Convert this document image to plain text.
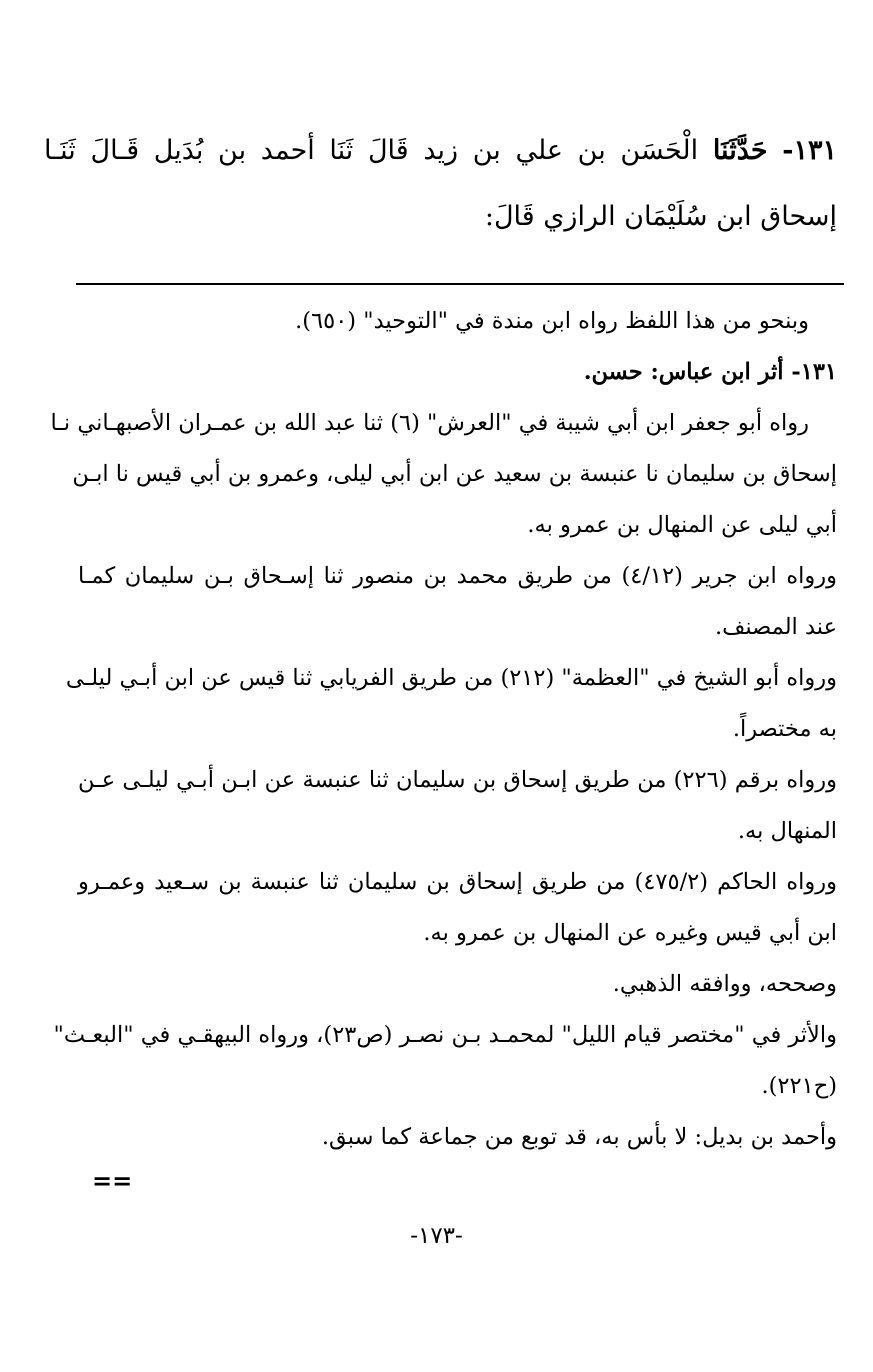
١٣١- حَدَّثَنَا الْحَسَن بن علي بن زيد قَالَ ثَنَا أحمد بن بُدَيل قَـالَ ثَنَـا إسحاق ابن سُلَيْمَان الرازي قَالَ:
وبنحو من هذا اللفظ رواه ابن مندة في "التوحيد" (٦٥٠).
١٣١- أثر ابن عباس: حسن.
رواه أبو جعفر ابن أبي شيبة في "العرش" (٦) ثنا عبد الله بن عمـران الأصبهـاني نـا
إسحاق بن سليمان نا عنبسة بن سعيد عن ابن أبي ليلى، وعمرو بن أبي قيس نا ابـن
أبي ليلى عن المنهال بن عمرو به.
ورواه ابن جرير (٤/١٢) من طريق محمد بن منصور ثنا إسـحاق بـن سليمان كمـا
عند المصنف.
ورواه أبو الشيخ في "العظمة" (٢١٢) من طريق الفريابي ثنا قيس عن ابن أبـي ليلـى
به مختصراً.
ورواه برقم (٢٢٦) من طريق إسحاق بن سليمان ثنا عنبسة عن ابـن أبـي ليلـى عـن
المنهال به.
ورواه الحاكم (٤٧٥/٢) من طريق إسحاق بن سليمان ثنا عنبسة بن سـعيد وعمـرو
ابن أبي قيس وغيره عن المنهال بن عمرو به.
وصححه، ووافقه الذهبي.
والأثر في "مختصر قيام الليل" لمحمـد بـن نصـر (ص٢٣)، ورواه البيهقـي في "البعـث"
(ح٢٢١).
وأحمد بن بديل: لا بأس به، قد توبع من جماعة كما سبق.
==
-١٧٣-
